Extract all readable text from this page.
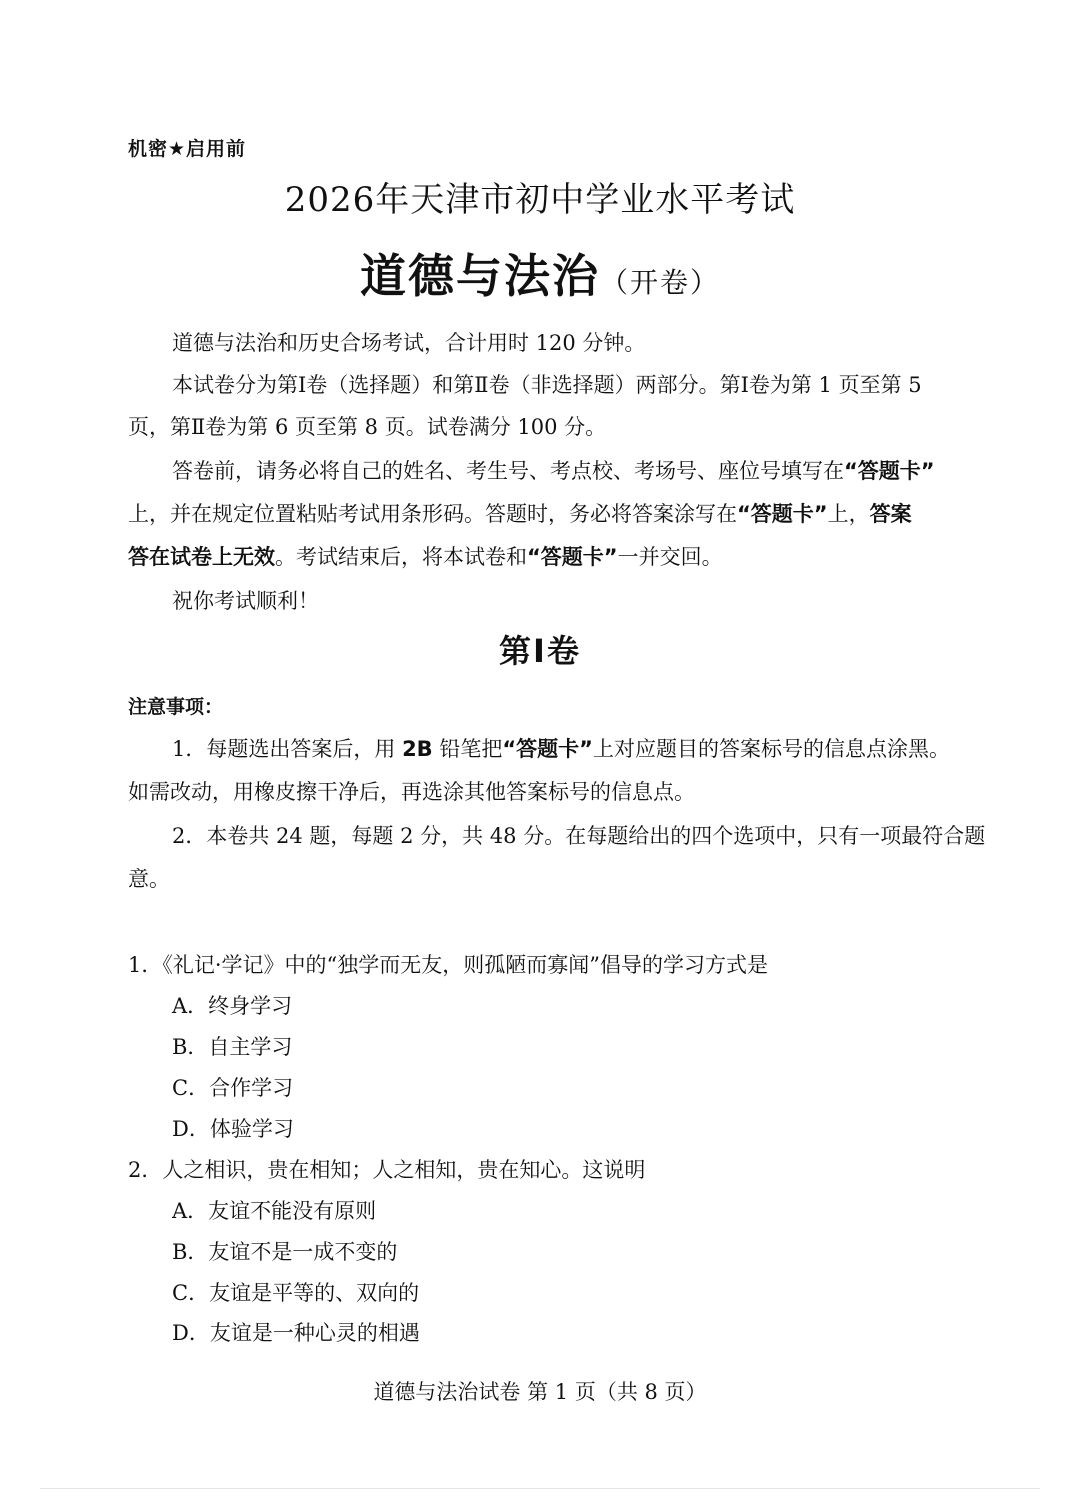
机密★启用前
2026年天津市初中学业水平考试
道德与法治（开卷）
道德与法治和历史合场考试，合计用时 120 分钟。
本试卷分为第Ⅰ卷（选择题）和第Ⅱ卷（非选择题）两部分。第Ⅰ卷为第 1 页至第 5
页，第Ⅱ卷为第 6 页至第 8 页。试卷满分 100 分。
答卷前，请务必将自己的姓名、考生号、考点校、考场号、座位号填写在“答题卡”
上，并在规定位置粘贴考试用条形码。答题时，务必将答案涂写在“答题卡”上，答案
答在试卷上无效。考试结束后，将本试卷和“答题卡”一并交回。
祝你考试顺利！
第Ⅰ卷
注意事项：
1．每题选出答案后，用 2B 铅笔把“答题卡”上对应题目的答案标号的信息点涂黑。
如需改动，用橡皮擦干净后，再选涂其他答案标号的信息点。
2．本卷共 24 题，每题 2 分，共 48 分。在每题给出的四个选项中，只有一项最符合题
意。
1．《礼记·学记》中的“独学而无友，则孤陋而寡闻”倡导的学习方式是
A．终身学习
B．自主学习
C．合作学习
D．体验学习
2．人之相识，贵在相知；人之相知，贵在知心。这说明
A．友谊不能没有原则
B．友谊不是一成不变的
C．友谊是平等的、双向的
D．友谊是一种心灵的相遇
道德与法治试卷 第 1 页（共 8 页）
